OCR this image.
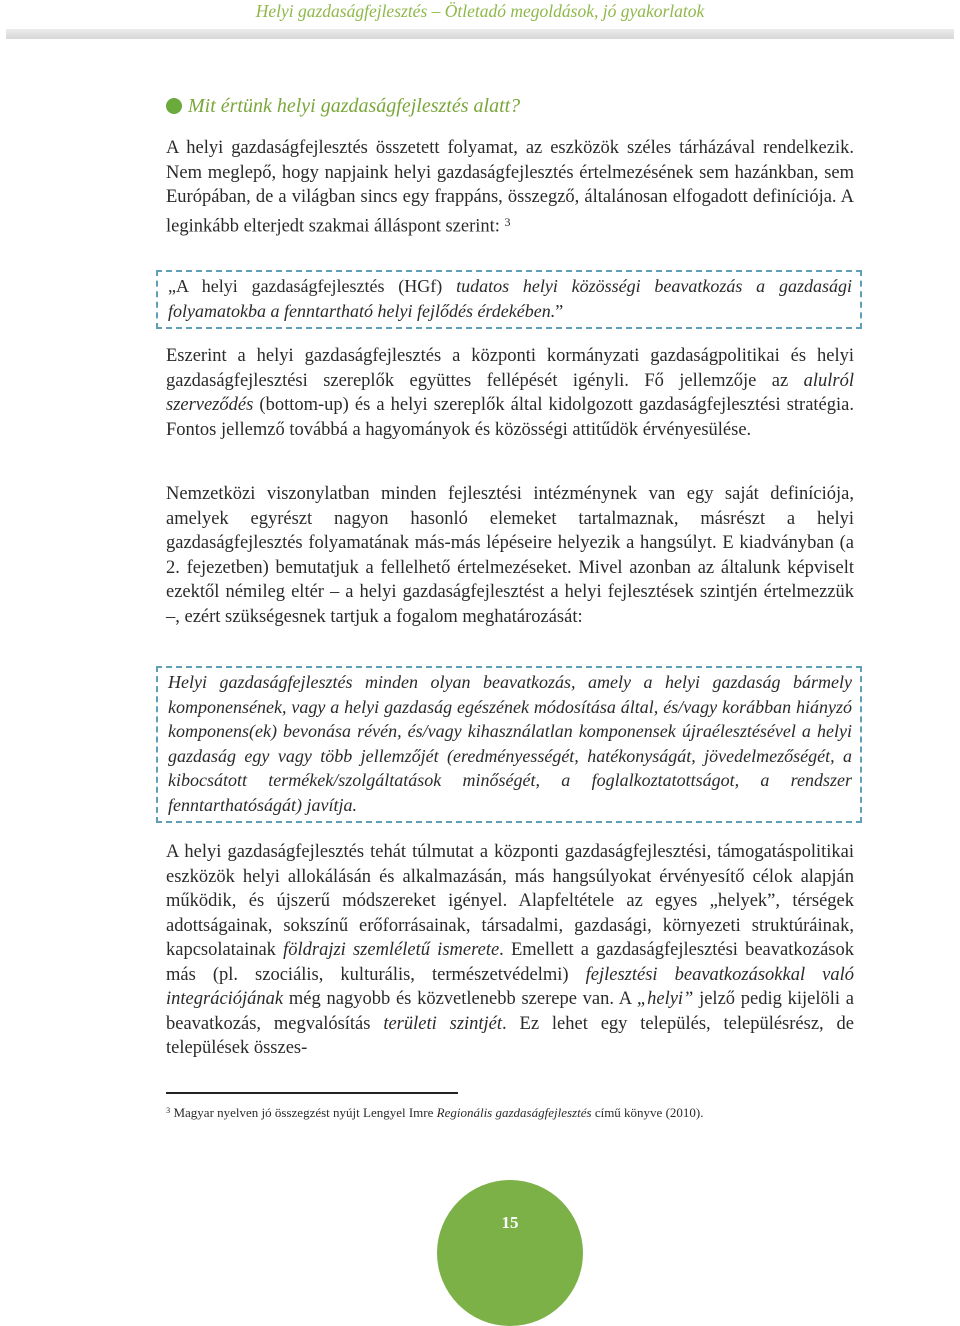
Helyi gazdaságfejlesztés – Ötletadó megoldások, jó gyakorlatok
Mit értünk helyi gazdaságfejlesztés alatt?

A helyi gazdaságfejlesztés összetett folyamat, az eszközök széles tárházával rendelkezik. Nem meglepő, hogy napjaink helyi gazdaságfejlesztés értelmezésének sem hazánkban, sem Európában, de a világban sincs egy frappáns, összegző, általánosan elfogadott definíciója. A leginkább elterjedt szakmai álláspont szerint: $^3$

„A helyi gazdaságfejlesztés (HGf) tudatos helyi közösségi beavatkozás a gazdasági folyamatokba a fenntartható helyi fejlődés érdekében.”

Eszerint a helyi gazdaságfejlesztés a központi kormányzati gazdaságpolitikai és helyi gazdaságfejlesztési szereplők együttes fellépését igényli. Fő jellemzője az alulról szerveződés (bottom-up) és a helyi szereplők által kidolgozott gazdaságfejlesztési stratégia. Fontos jellemző továbbá a hagyományok és közösségi attitűdök érvényesülése.

Nemzetközi viszonylatban minden fejlesztési intézménynek van egy saját definíciója, amelyek egyrészt nagyon hasonló elemeket tartalmaznak, másrészt a helyi gazdaságfejlesztés folyamatának más-más lépéseire helyezik a hangsúlyt. E kiadványban (a 2. fejezetben) bemutatjuk a fellelhető értelmezéseket. Mivel azonban az általunk képviselt ezektől némileg eltér – a helyi gazdaságfejlesztést a helyi fejlesztések szintjén értelmezzük –, ezért szükségesnek tartjuk a fogalom meghatározását:

Helyi gazdaságfejlesztés minden olyan beavatkozás, amely a helyi gazdaság bármely komponensének, vagy a helyi gazdaság egészének módosítása által, és/vagy korábban hiányzó komponens(ek) bevonása révén, és/vagy kihasználatlan komponensek újraélesztésével a helyi gazdaság egy vagy több jellemzőjét (eredményességét, hatékonyságát, jövedelmezőségét, a kibocsátott termékek/szolgáltatások minőségét, a foglalkoztatottságot, a rendszer fenntarthatóságát) javítja.

A helyi gazdaságfejlesztés tehát túlmutat a központi gazdaságfejlesztési, támogatáspolitikai eszközök helyi allokálásán és alkalmazásán, más hangsúlyokat érvényesítő célok alapján működik, és újszerű módszereket igényel. Alapfeltétele az egyes „helyek”, térségek adottságainak, sokszínű erőforrásainak, társadalmi, gazdasági, környezeti struktúráinak, kapcsolatainak földrajzi szemléletű ismerete. Emellett a gazdaságfejlesztési beavatkozások más (pl. szociális, kulturális, természetvédelmi) fejlesztési beavatkozásokkal való integrációjának még nagyobb és közvetlenebb szerepe van. A „helyi” jelző pedig kijelöli a beavatkozás, megvalósítás területi szintjét. Ez lehet egy település, településrész, de települések összes-

$^3$ Magyar nyelven jó összegzést nyújt Lengyel Imre Regionális gazdaságfejlesztés című könyve (2010).
15
